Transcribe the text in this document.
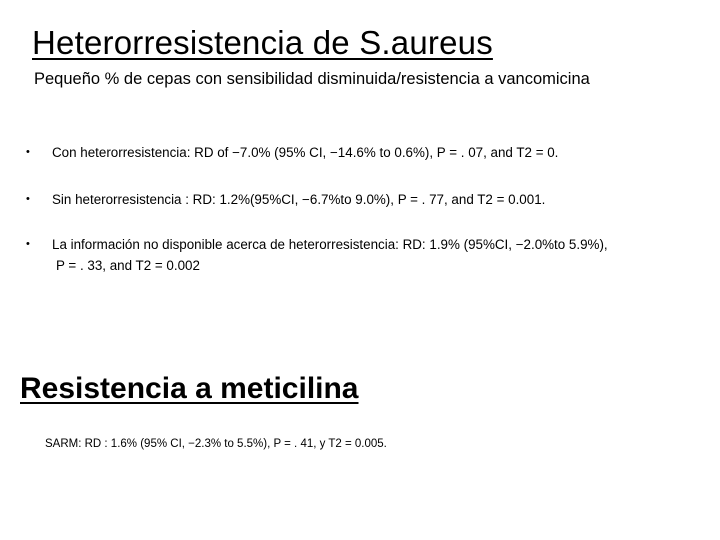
Heterorresistencia de S.aureus
Pequeño % de cepas con sensibilidad disminuida/resistencia a vancomicina
• Con heterorresistencia: RD of −7.0% (95% CI, −14.6% to 0.6%), P = . 07, and T2 = 0.
• Sin heterorresistencia : RD: 1.2%(95%CI, −6.7%to 9.0%), P = . 77, and T2 = 0.001.
• La información no disponible acerca de heterorresistencia: RD: 1.9% (95%CI, −2.0%to 5.9%),
P = . 33, and T2 = 0.002
Resistencia a meticilina
SARM: RD : 1.6% (95% CI, −2.3% to 5.5%), P = . 41, y T2 = 0.005.
